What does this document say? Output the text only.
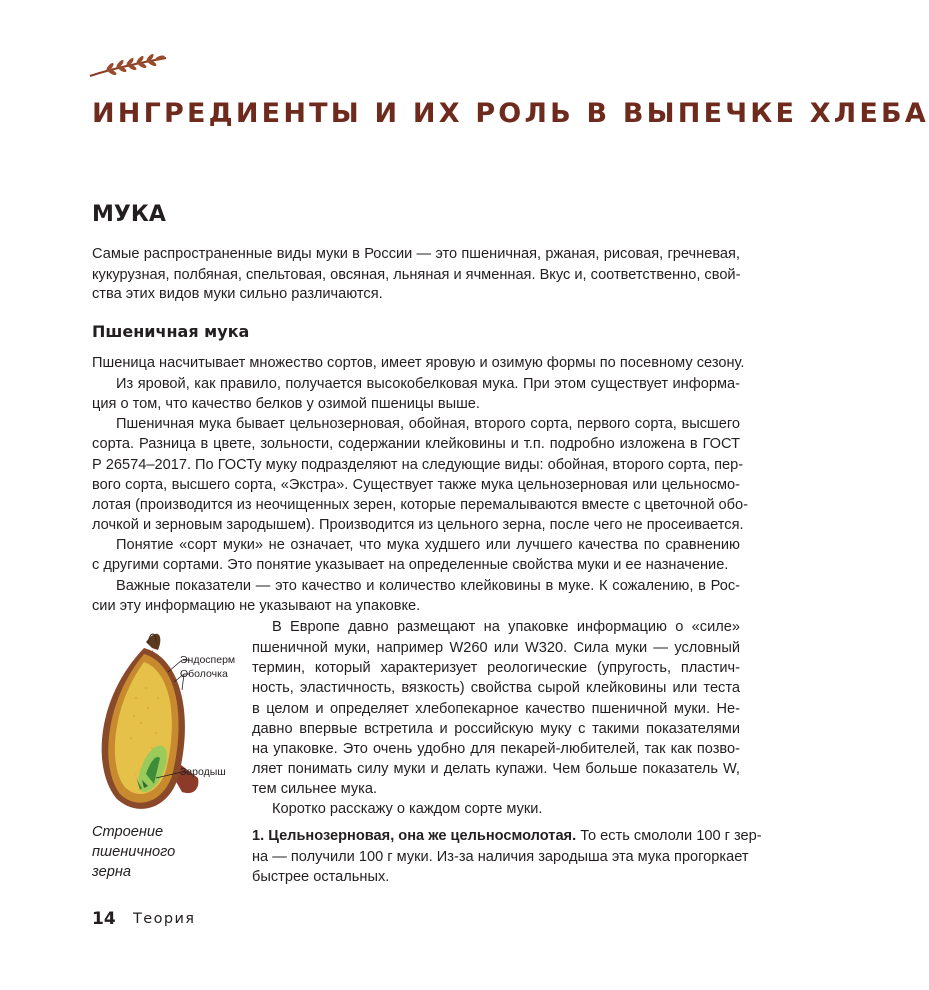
ИНГРЕДИЕНТЫ И ИХ РОЛЬ В ВЫПЕЧКЕ ХЛЕБА
МУКА

Самые распространенные виды муки в России — это пшеничная, ржаная, рисовая, гречневая,

кукурузная, полбяная, спельтовая, овсяная, льняная и ячменная. Вкус и, соответственно, свой-

ства этих видов муки сильно различаются.

Пшеничная мука

Пшеница насчитывает множество сортов, имеет яровую и озимую формы по посевному сезону.

Из яровой, как правило, получается высокобелковая мука. При этом существует информа-

ция о том, что качество белков у озимой пшеницы выше.

Пшеничная мука бывает цельнозерновая, обойная, второго сорта, первого сорта, высшего

сорта. Разница в цвете, зольности, содержании клейковины и т.п. подробно изложена в ГОСТ

Р 26574–2017. По ГОСТу муку подразделяют на следующие виды: обойная, второго сорта, пер-

вого сорта, высшего сорта, «Экстра». Существует также мука цельнозерновая или цельносмо-

лотая (производится из неочищенных зерен, которые перемалываются вместе с цветочной обо-

лочкой и зерновым зародышем). Производится из цельного зерна, после чего не просеивается.

Понятие «сорт муки» не означает, что мука худшего или лучшего качества по сравнению

с другими сортами. Это понятие указывает на определенные свойства муки и ее назначение.

Важные показатели — это качество и количество клейковины в муке. К сожалению, в Рос-

сии эту информацию не указывают на упаковке.

В Европе давно размещают на упаковке информацию о «силе»

пшеничной муки, например W260 или W320. Сила муки — условный

термин, который характеризует реологические (упругость, пластич-

ность, эластичность, вязкость) свойства сырой клейковины или теста

в целом и определяет хлебопекарное качество пшеничной муки. Не-

давно впервые встретила и российскую муку с такими показателями

на упаковке. Это очень удобно для пекарей-любителей, так как позво-

ляет понимать силу муки и делать купажи. Чем больше показатель W,

тем сильнее мука.

Коротко расскажу о каждом сорте муки.

1. Цельнозерновая, она же цельносмолотая. То есть смололи 100 г зер-

на — получили 100 г муки. Из-за наличия зародыша эта мука прогоркает

быстрее остальных.

Эндосперм
Оболочка
Зародыш

Строение
пшеничного
зерна

14 Теория
